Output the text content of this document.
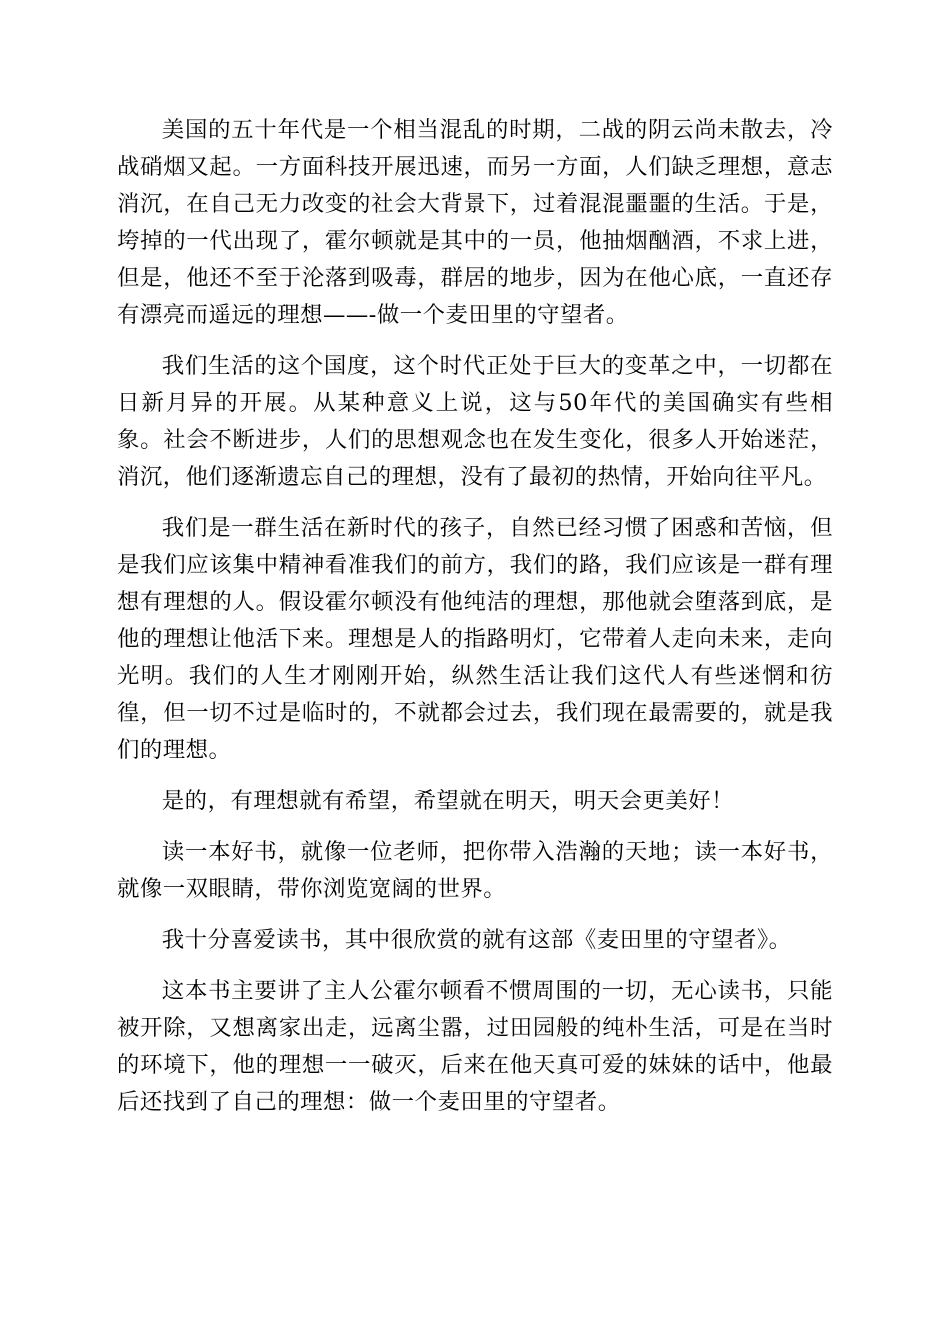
美国的五十年代是一个相当混乱的时期，二战的阴云尚未散去，冷战硝烟又起。一方面科技开展迅速，而另一方面，人们缺乏理想，意志消沉，在自己无力改变的社会大背景下，过着混混噩噩的生活。于是，垮掉的一代出现了，霍尔顿就是其中的一员，他抽烟酗酒，不求上进，但是，他还不至于沦落到吸毒，群居的地步，因为在他心底，一直还存有漂亮而遥远的理想——-做一个麦田里的守望者。

我们生活的这个国度，这个时代正处于巨大的变革之中，一切都在日新月异的开展。从某种意义上说，这与50年代的美国确实有些相象。社会不断进步，人们的思想观念也在发生变化，很多人开始迷茫，消沉，他们逐渐遗忘自己的理想，没有了最初的热情，开始向往平凡。

我们是一群生活在新时代的孩子，自然已经习惯了困惑和苦恼，但是我们应该集中精神看准我们的前方，我们的路，我们应该是一群有理想有理想的人。假设霍尔顿没有他纯洁的理想，那他就会堕落到底，是他的理想让他活下来。理想是人的指路明灯，它带着人走向未来，走向光明。我们的人生才刚刚开始，纵然生活让我们这代人有些迷惘和彷徨，但一切不过是临时的，不就都会过去，我们现在最需要的，就是我们的理想。

是的，有理想就有希望，希望就在明天，明天会更美好！

读一本好书，就像一位老师，把你带入浩瀚的天地；读一本好书，就像一双眼睛，带你浏览宽阔的世界。

我十分喜爱读书，其中很欣赏的就有这部《麦田里的守望者》。

这本书主要讲了主人公霍尔顿看不惯周围的一切，无心读书，只能被开除，又想离家出走，远离尘嚣，过田园般的纯朴生活，可是在当时的环境下，他的理想一一破灭，后来在他天真可爱的妹妹的话中，他最后还找到了自己的理想：做一个麦田里的守望者。
